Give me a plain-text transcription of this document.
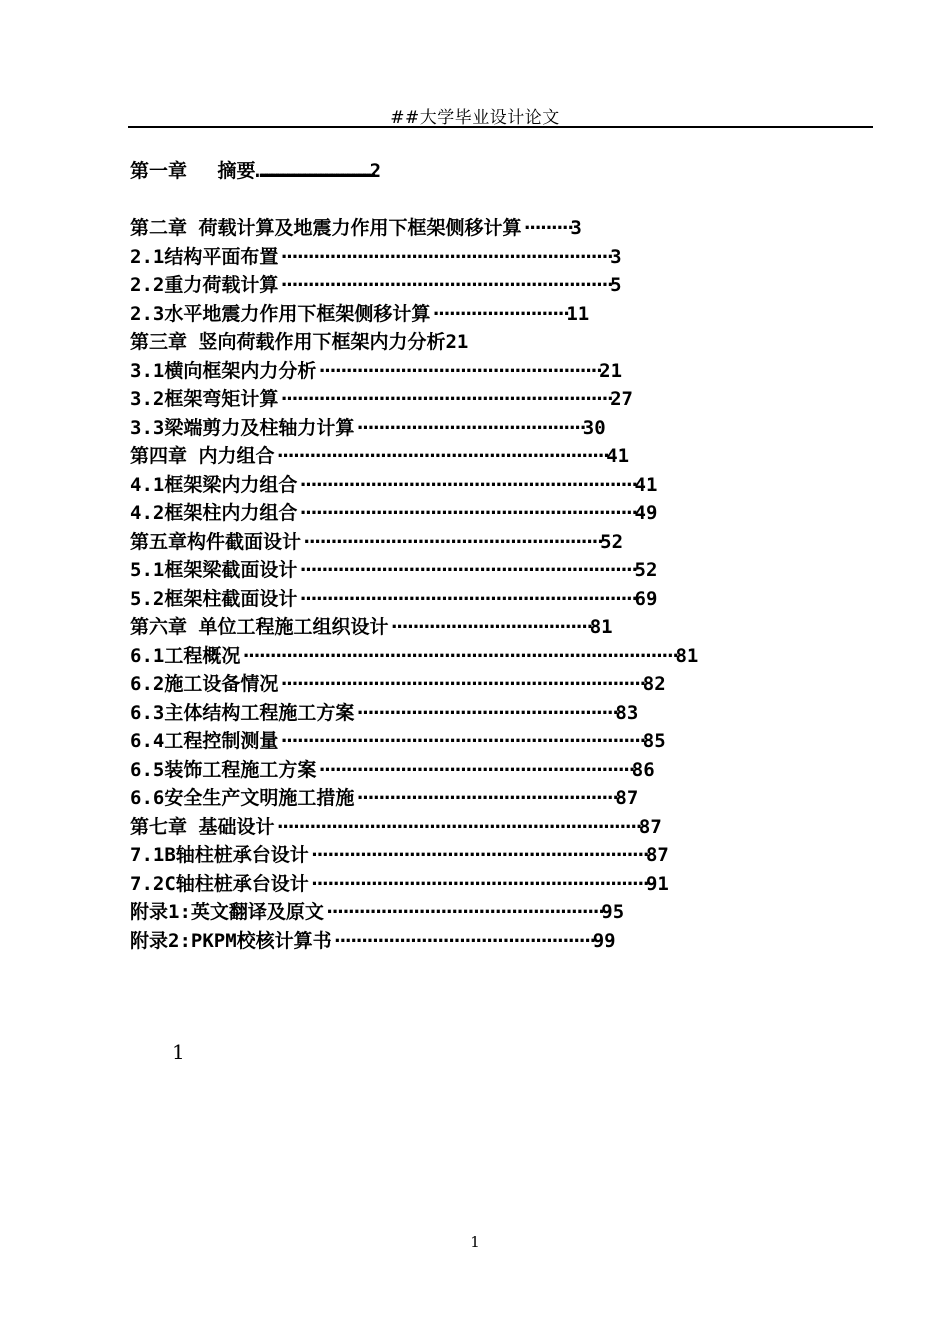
##大学毕业设计论文
第一章　 摘要………………………………………………………2
第二章 荷载计算及地震力作用下框架侧移计算·········3
2.1结构平面布置·····························································3
2.2重力荷载计算·····························································5
2.3水平地震力作用下框架侧移计算·························11
第三章 竖向荷载作用下框架内力分析21
3.1横向框架内力分析····················································21
3.2框架弯矩计算·····························································27
3.3梁端剪力及柱轴力计算··········································30
第四章 内力组合·····························································41
4.1框架梁内力组合······························································41
4.2框架柱内力组合······························································49
第五章构件截面设计·······················································52
5.1框架梁截面设计······························································52
5.2框架柱截面设计······························································69
第六章 单位工程施工组织设计·····································81
6.1工程概况················································································81
6.2施工设备情况···································································82
6.3主体结构工程施工方案················································83
6.4工程控制测量···································································85
6.5装饰工程施工方案··························································86
6.6安全生产文明施工措施················································87
第七章 基础设计···································································87
7.1B轴柱桩承台设计······························································87
7.2C轴柱桩承台设计······························································91
附录1:英文翻译及原文···················································95
附录2:PKPM校核计算书················································99
1
1
